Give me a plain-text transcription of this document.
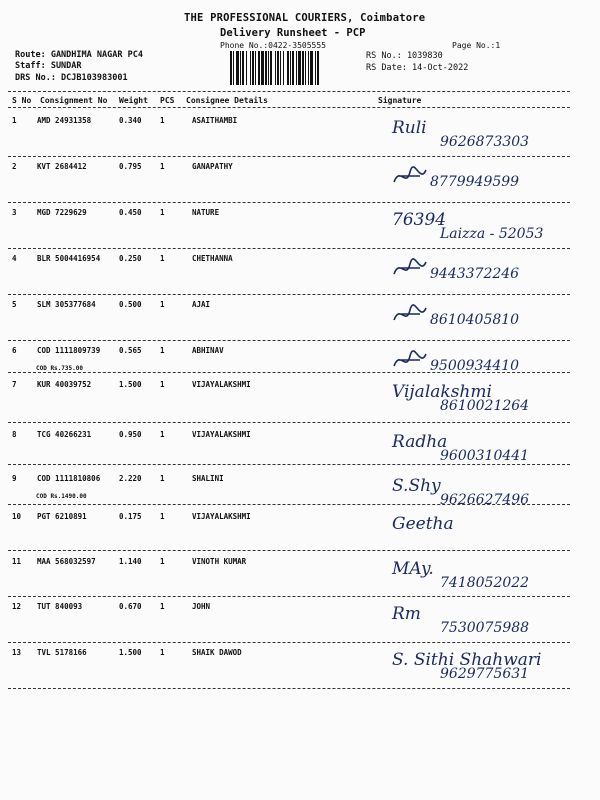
THE PROFESSIONAL COURIERS, Coimbatore
Delivery Runsheet - PCP
Phone No.:0422-3505555	Page No.:1
Route: GANDHIMA NAGAR PC4
Staff: SUNDAR
DRS No.: DCJB103983001
RS No.: 1039830
RS Date: 14-Oct-2022
S No Consignment No Weight PCS Consignee Details	Signature
1	AMD 24931358	0.340 1	ASAITHAMBI	Ruli
9626873303
2	KVT 2684412	0.795 1	GANAPATHY
8779949599
3	MGD 7229629	0.450 1	NATURE	76394
Laizza - 52053
4	BLR 5004416954	0.250 1	CHETHANNA
9443372246
5	SLM 305377684	0.500 1	AJAI
8610405810
6	COD 1111809739	0.565 1	ABHINAV
COD Rs.735.00	9500934410
7	KUR 40039752	1.500 1	VIJAYALAKSHMI	Vijalakshmi
8610021264
8	TCG 40266231	0.950 1	VIJAYALAKSHMI	Radha
9600310441
9	COD 1111810806	2.220 1	SHALINI
COD Rs.1490.00
S.Shy
9626627496
10 PGT 6210891	0.175 1	VIJAYALAKSHMI	Geetha
11 MAA 568032597	1.140 1	VINOTH KUMAR	MAy.
7418052022
12 TUT 840093	0.670 1	JOHN	Rm
7530075988
13 TVL 5178166	1.500 1	SHAIK DAWOD	S. Sithi Shahwari
9629775631
